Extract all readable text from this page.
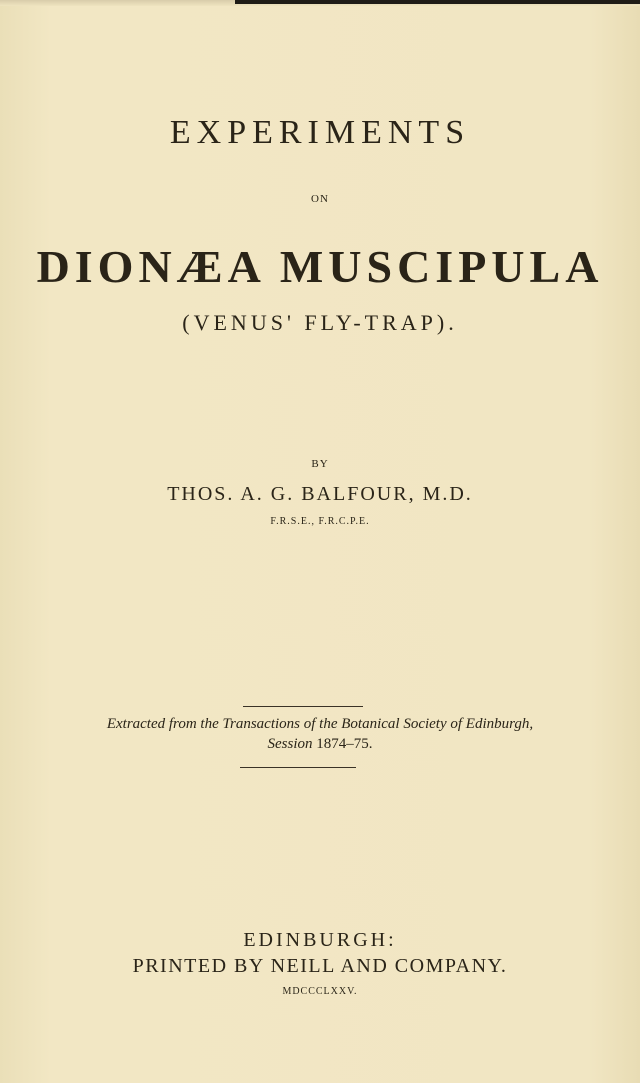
EXPERIMENTS
ON
DIONÆA MUSCIPULA
(VENUS' FLY-TRAP).
BY
THOS. A. G. BALFOUR, M.D.
F.R.S.E., F.R.C.P.E.
Extracted from the Transactions of the Botanical Society of Edinburgh,
Session 1874–75.
EDINBURGH:
PRINTED BY NEILL AND COMPANY.
MDCCCLXXV.
